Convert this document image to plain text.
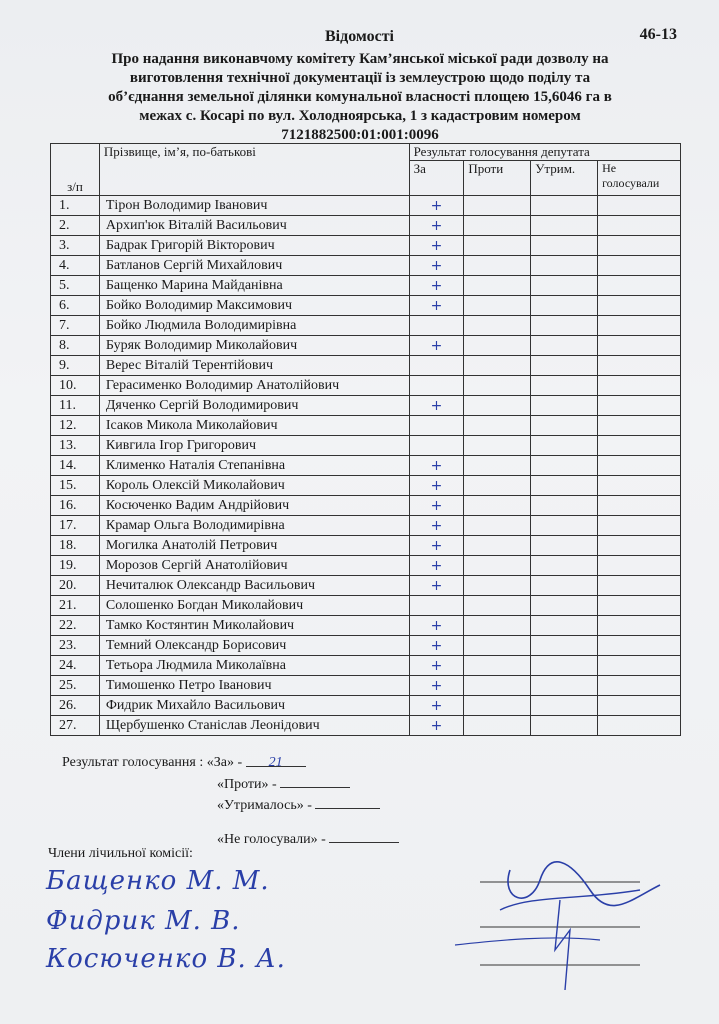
Відомості	46-13
Про надання виконавчому комітету Кам’янської міської ради дозволу на
виготовлення технічної документації із землеустрою щодо поділу та
об’єднання земельної ділянки комунальної власності площею 15,6046 га в
межах с. Косарі по вул. Холодноярська, 1 з кадастровим номером
7121882500:01:001:0096
з/п	Прізвище, ім’я, по-батькові	Результат голосування депутата			
		За	Проти	Утрим.	Не голосували
1.	Тірон Володимир Іванович	+			
2.	Архип'юк Віталій Васильович	+			
3.	Бадрак Григорій Вікторович	+			
4.	Батланов Сергій Михайлович	+			
5.	Бащенко Марина Майданівна	+			
6.	Бойко Володимир Максимович	+			
7.	Бойко Людмила Володимирівна				
8.	Буряк Володимир Миколайович	+			
9.	Верес Віталій Терентійович				
10.	Герасименко Володимир Анатолійович				
11.	Дяченко Сергій Володимирович	+			
12.	Ісаков Микола Миколайович				
13.	Кивгила Ігор Григорович				
14.	Клименко Наталія Степанівна	+			
15.	Король Олексій Миколайович	+			
16.	Косюченко Вадим Андрійович	+			
17.	Крамар Ольга Володимирівна	+			
18.	Могилка Анатолій Петрович	+			
19.	Морозов Сергій Анатолійович	+			
20.	Нечиталюк Олександр Васильович	+			
21.	Солошенко Богдан Миколайович				
22.	Тамко Костянтин Миколайович	+			
23.	Темний Олександр Борисович	+			
24.	Тетьора Людмила Миколаївна	+			
25.	Тимошенко Петро Іванович	+			
26.	Фидрик Михайло Васильович	+			
27.	Щербушенко Станіслав Леонідович	+			
Результат голосування : «За» - 21
«Проти» -
«Утрималось» -
«Не голосували» -
Члени лічильної комісії:
Бащенко М. М.
Фидрик М. В.
Косюченко В. А.
